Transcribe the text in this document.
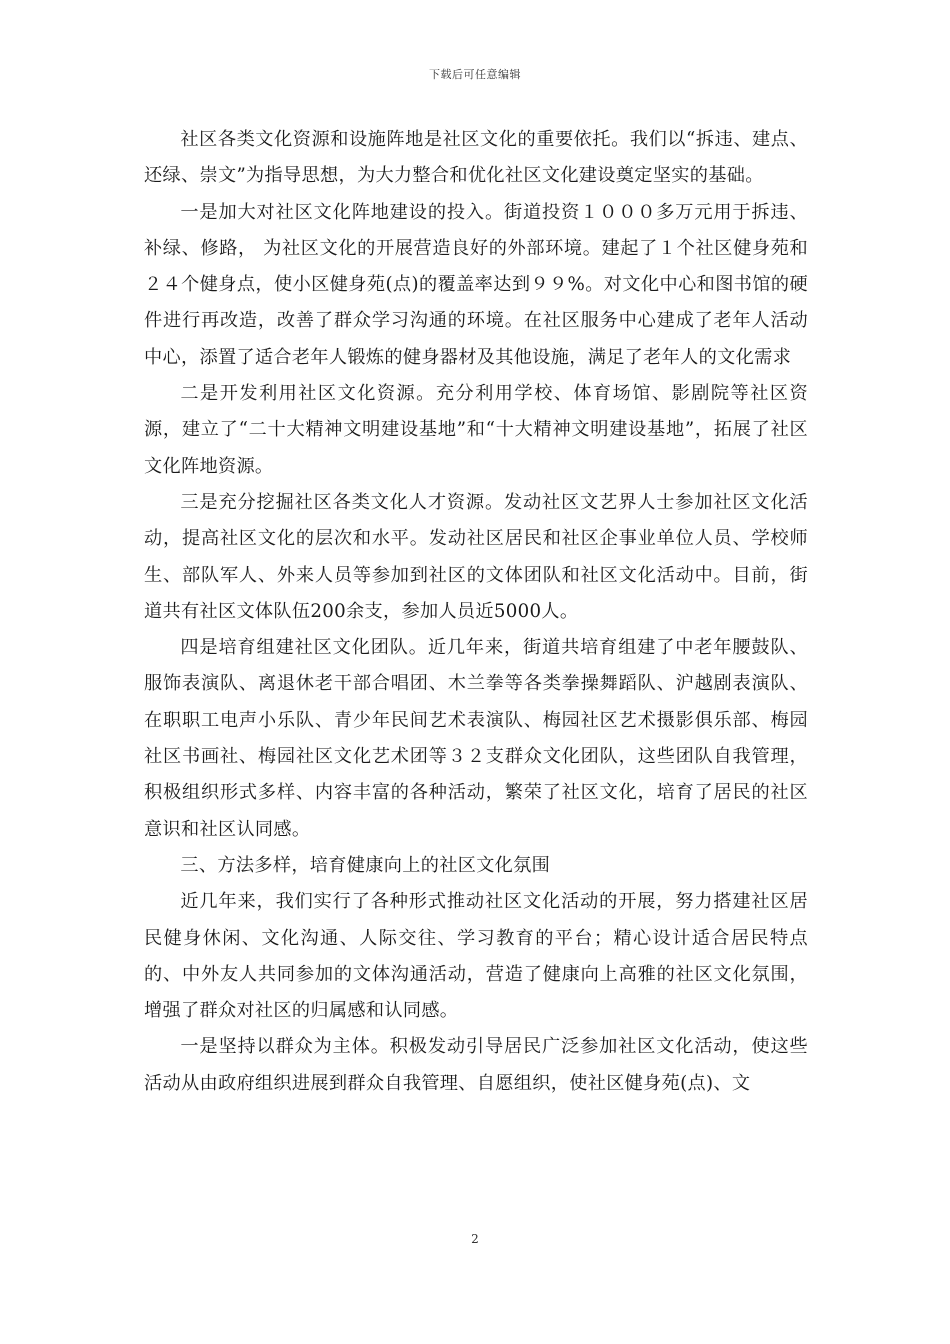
下载后可任意编辑

社区各类文化资源和设施阵地是社区文化的重要依托。我们以“拆违、建点、还绿、崇文”为指导思想，为大力整合和优化社区文化建设奠定坚实的基础。

一是加大对社区文化阵地建设的投入。街道投资１０００多万元用于拆违、补绿、修路， 为社区文化的开展营造良好的外部环境。建起了１个社区健身苑和２４个健身点，使小区健身苑(点)的覆盖率达到９９%。对文化中心和图书馆的硬件进行再改造，改善了群众学习沟通的环境。在社区服务中心建成了老年人活动中心，添置了适合老年人锻炼的健身器材及其他设施，满足了老年人的文化需求

二是开发利用社区文化资源。充分利用学校、体育场馆、影剧院等社区资源，建立了“二十大精神文明建设基地”和“十大精神文明建设基地”，拓展了社区文化阵地资源。

三是充分挖掘社区各类文化人才资源。发动社区文艺界人士参加社区文化活动，提高社区文化的层次和水平。发动社区居民和社区企事业单位人员、学校师生、部队军人、外来人员等参加到社区的文体团队和社区文化活动中。目前，街道共有社区文体队伍200余支，参加人员近5000人。

四是培育组建社区文化团队。近几年来，街道共培育组建了中老年腰鼓队、服饰表演队、离退休老干部合唱团、木兰拳等各类拳操舞蹈队、沪越剧表演队、在职职工电声小乐队、青少年民间艺术表演队、梅园社区艺术摄影俱乐部、梅园社区书画社、梅园社区文化艺术团等３２支群众文化团队，这些团队自我管理，积极组织形式多样、内容丰富的各种活动，繁荣了社区文化，培育了居民的社区意识和社区认同感。

三、方法多样，培育健康向上的社区文化氛围

近几年来，我们实行了各种形式推动社区文化活动的开展，努力搭建社区居民健身休闲、文化沟通、人际交往、学习教育的平台；精心设计适合居民特点的、中外友人共同参加的文体沟通活动，营造了健康向上高雅的社区文化氛围，增强了群众对社区的归属感和认同感。

一是坚持以群众为主体。积极发动引导居民广泛参加社区文化活动，使这些活动从由政府组织进展到群众自我管理、自愿组织，使社区健身苑(点)、文

2
